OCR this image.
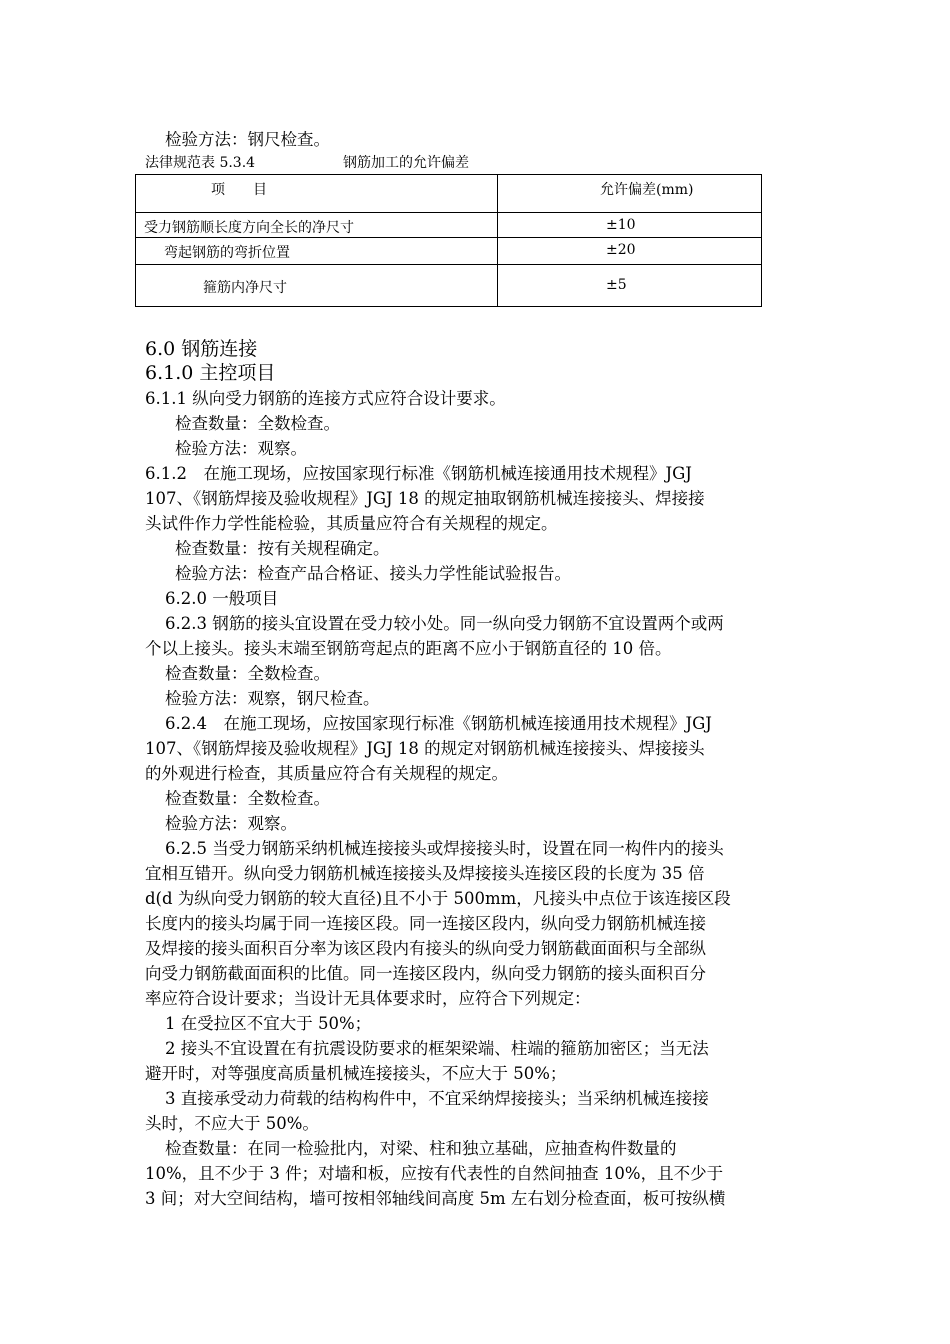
检验方法：钢尺检查。
法律规范表 5.3.4	钢筋加工的允许偏差
项　　目	允许偏差(mm)
受力钢筋顺长度方向全长的净尺寸	±10
弯起钢筋的弯折位置	±20
箍筋内净尺寸	±5
6.0 钢筋连接
6.1.0 主控项目
6.1.1 纵向受力钢筋的连接方式应符合设计要求。
检查数量：全数检查。
检验方法：观察。
6.1.2　在施工现场，应按国家现行标准《钢筋机械连接通用技术规程》JGJ
107、《钢筋焊接及验收规程》JGJ 18 的规定抽取钢筋机械连接接头、焊接接
头试件作力学性能检验，其质量应符合有关规程的规定。
检查数量：按有关规程确定。
检验方法：检查产品合格证、接头力学性能试验报告。
6.2.0 一般项目
6.2.3 钢筋的接头宜设置在受力较小处。同一纵向受力钢筋不宜设置两个或两
个以上接头。接头末端至钢筋弯起点的距离不应小于钢筋直径的 10 倍。
检查数量：全数检查。
检验方法：观察，钢尺检查。
6.2.4　在施工现场，应按国家现行标准《钢筋机械连接通用技术规程》JGJ
107、《钢筋焊接及验收规程》JGJ 18 的规定对钢筋机械连接接头、焊接接头
的外观进行检查，其质量应符合有关规程的规定。
检查数量：全数检查。
检验方法：观察。
6.2.5 当受力钢筋采纳机械连接接头或焊接接头时，设置在同一构件内的接头
宜相互错开。纵向受力钢筋机械连接接头及焊接接头连接区段的长度为 35 倍
d(d 为纵向受力钢筋的较大直径)且不小于 500mm，凡接头中点位于该连接区段
长度内的接头均属于同一连接区段。同一连接区段内，纵向受力钢筋机械连接
及焊接的接头面积百分率为该区段内有接头的纵向受力钢筋截面面积与全部纵
向受力钢筋截面面积的比值。同一连接区段内，纵向受力钢筋的接头面积百分
率应符合设计要求；当设计无具体要求时，应符合下列规定：
1 在受拉区不宜大于 50%；
2 接头不宜设置在有抗震设防要求的框架梁端、柱端的箍筋加密区；当无法
避开时，对等强度高质量机械连接接头，不应大于 50%；
3 直接承受动力荷载的结构构件中，不宜采纳焊接接头；当采纳机械连接接
头时，不应大于 50%。
检查数量：在同一检验批内，对梁、柱和独立基础，应抽查构件数量的
10%，且不少于 3 件；对墙和板，应按有代表性的自然间抽查 10%，且不少于
3 间；对大空间结构，墙可按相邻轴线间高度 5m 左右划分检查面，板可按纵横
